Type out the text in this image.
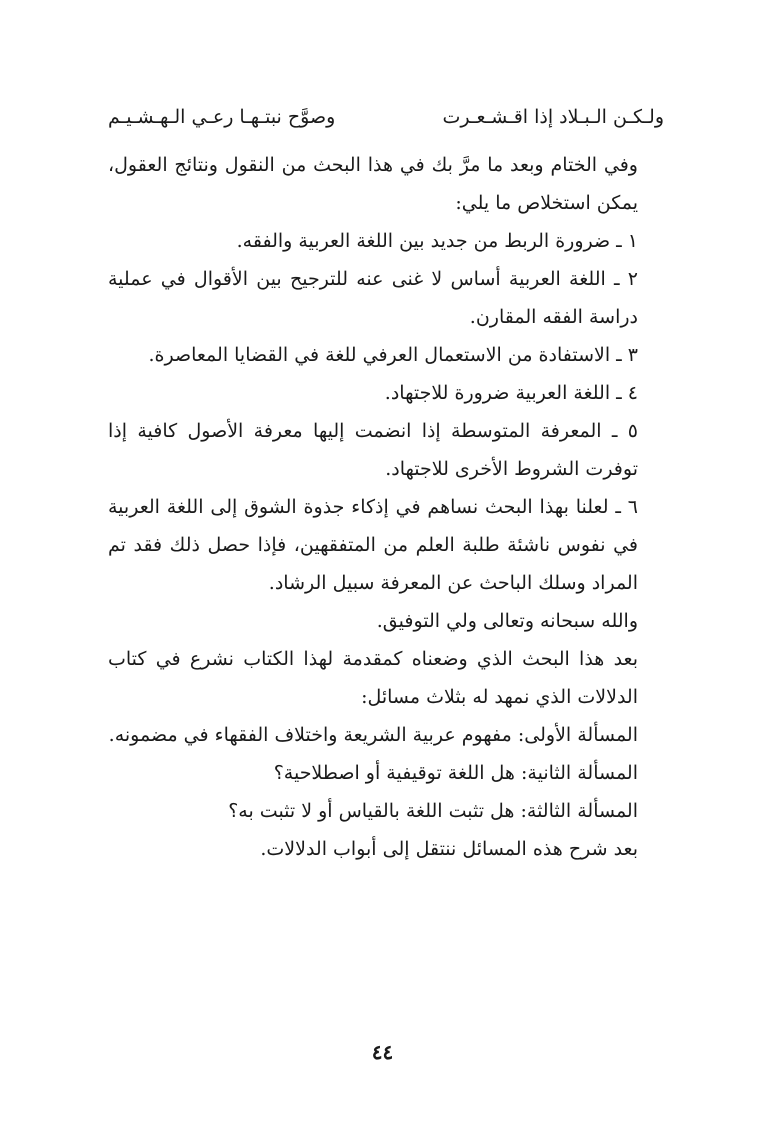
ولـكـن الـبـلاد إذا اقـشـعـرت
وصوَّح نبتـهـا رعـي الـهـشـيـم

وفي الختام وبعد ما مرَّ بك في هذا البحث من النقول ونتائج العقول، يمكن استخلاص ما يلي:

١ ـ ضرورة الربط من جديد بين اللغة العربية والفقه.

٢ ـ اللغة العربية أساس لا غنى عنه للترجيح بين الأقوال في عملية دراسة الفقه المقارن.

٣ ـ الاستفادة من الاستعمال العرفي للغة في القضايا المعاصرة.

٤ ـ اللغة العربية ضرورة للاجتهاد.

٥ ـ المعرفة المتوسطة إذا انضمت إليها معرفة الأصول كافية إذا توفرت الشروط الأخرى للاجتهاد.

٦ ـ لعلنا بهذا البحث نساهم في إذكاء جذوة الشوق إلى اللغة العربية في نفوس ناشئة طلبة العلم من المتفقهين، فإذا حصل ذلك فقد تم المراد وسلك الباحث عن المعرفة سبيل الرشاد.

والله سبحانه وتعالى ولي التوفيق.

بعد هذا البحث الذي وضعناه كمقدمة لهذا الكتاب نشرع في كتاب الدلالات الذي نمهد له بثلاث مسائل:

المسألة الأولى: مفهوم عربية الشريعة واختلاف الفقهاء في مضمونه.

المسألة الثانية: هل اللغة توقيفية أو اصطلاحية؟

المسألة الثالثة: هل تثبت اللغة بالقياس أو لا تثبت به؟

بعد شرح هذه المسائل ننتقل إلى أبواب الدلالات.

٤٤
